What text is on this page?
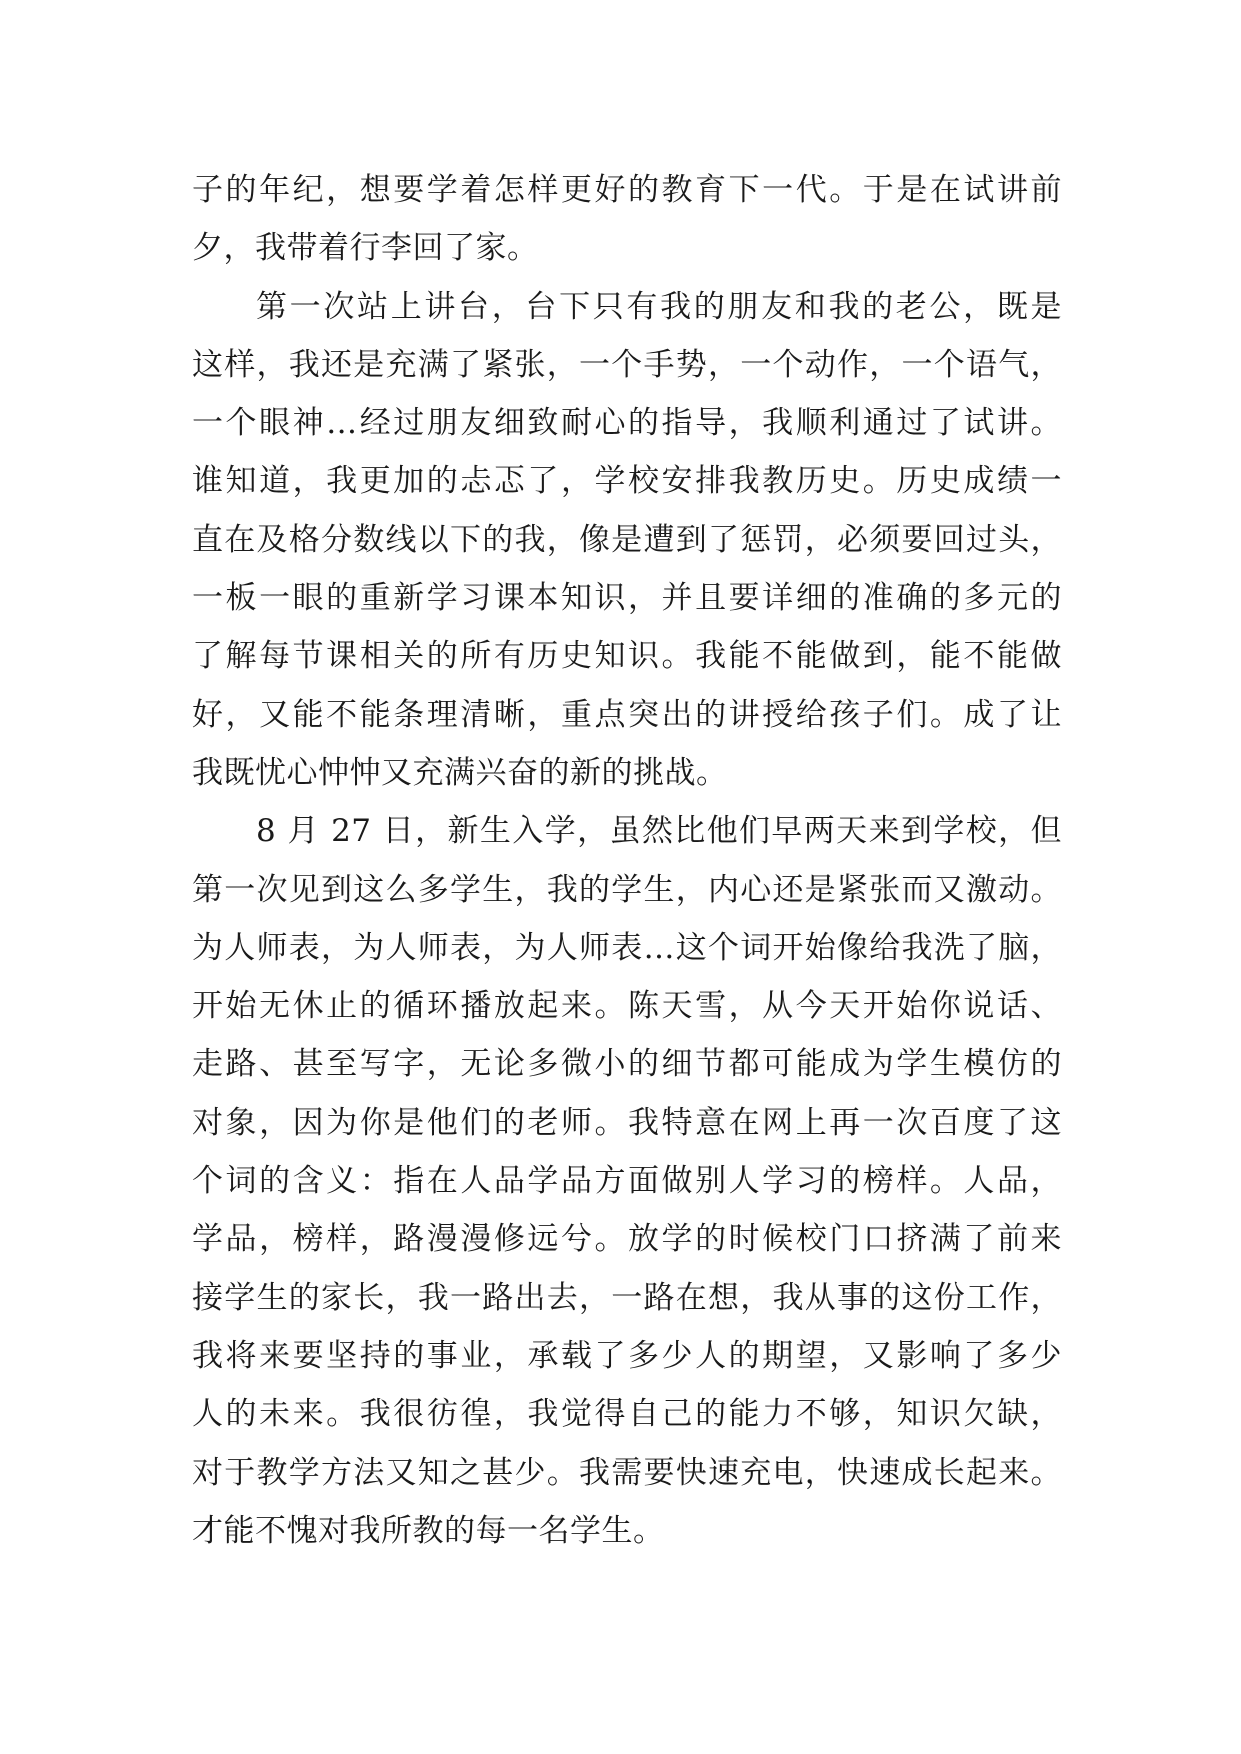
子的年纪，想要学着怎样更好的教育下一代。于是在试讲前
夕，我带着行李回了家。
第一次站上讲台，台下只有我的朋友和我的老公，既是
这样，我还是充满了紧张，一个手势，一个动作，一个语气，
一个眼神…经过朋友细致耐心的指导，我顺利通过了试讲。
谁知道，我更加的忐忑了，学校安排我教历史。历史成绩一
直在及格分数线以下的我，像是遭到了惩罚，必须要回过头，
一板一眼的重新学习课本知识，并且要详细的准确的多元的
了解每节课相关的所有历史知识。我能不能做到，能不能做
好，又能不能条理清晰，重点突出的讲授给孩子们。成了让
我既忧心忡忡又充满兴奋的新的挑战。
8 月 27 日，新生入学，虽然比他们早两天来到学校，但
第一次见到这么多学生，我的学生，内心还是紧张而又激动。
为人师表，为人师表，为人师表…这个词开始像给我洗了脑，
开始无休止的循环播放起来。陈天雪，从今天开始你说话、
走路、甚至写字，无论多微小的细节都可能成为学生模仿的
对象，因为你是他们的老师。我特意在网上再一次百度了这
个词的含义：指在人品学品方面做别人学习的榜样。人品，
学品，榜样，路漫漫修远兮。放学的时候校门口挤满了前来
接学生的家长，我一路出去，一路在想，我从事的这份工作，
我将来要坚持的事业，承载了多少人的期望，又影响了多少
人的未来。我很彷徨，我觉得自己的能力不够，知识欠缺，
对于教学方法又知之甚少。我需要快速充电，快速成长起来。
才能不愧对我所教的每一名学生。
